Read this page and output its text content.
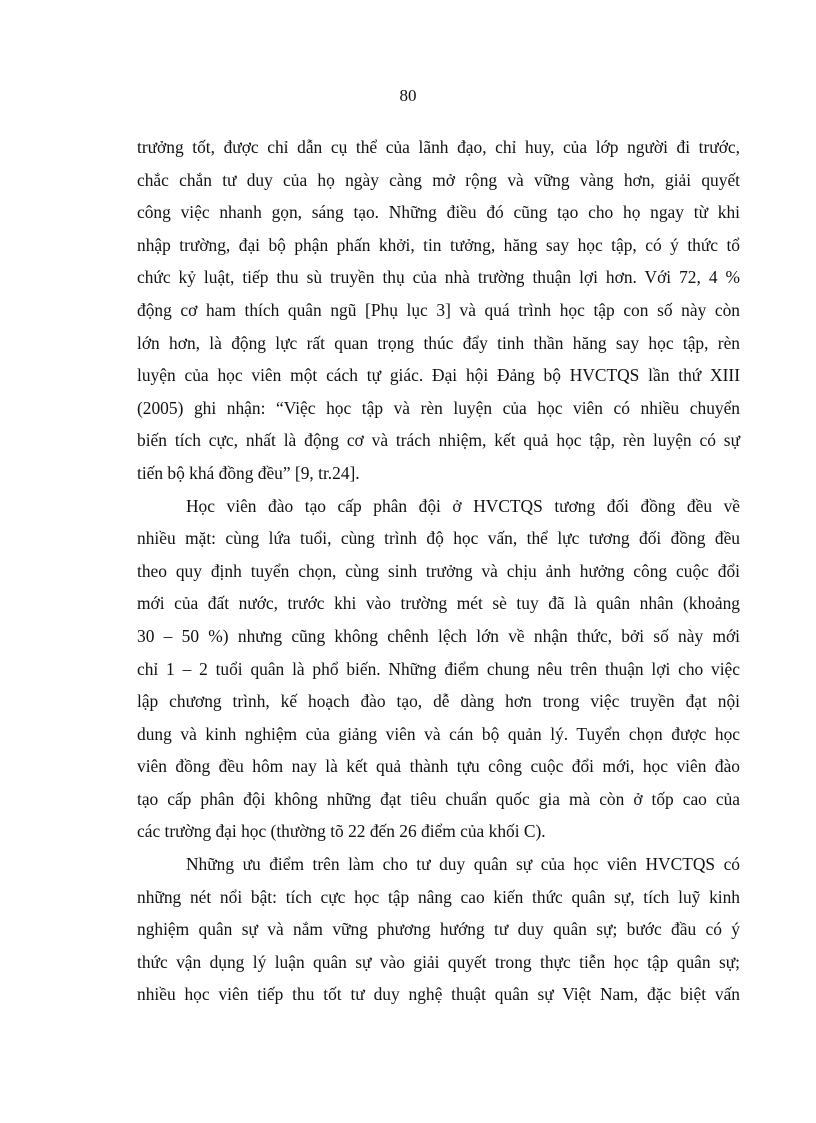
80

trưởng tốt, được chỉ dẫn cụ thể của lãnh đạo, chỉ huy, của lớp người đi trước,

chắc chắn tư duy của họ ngày càng mở rộng và vững vàng hơn, giải quyết

công việc nhanh gọn, sáng tạo. Những điều đó cũng tạo cho họ ngay từ khi

nhập trường, đại bộ phận phấn khởi, tin tưởng, hăng say học tập, có ý thức tổ

chức kỷ luật, tiếp thu sù truyền thụ của nhà trường thuận lợi hơn. Với 72, 4 %

động cơ ham thích quân ngũ [Phụ lục 3] và quá trình học tập con số này còn

lớn hơn, là động lực rất quan trọng thúc đẩy tinh thần hăng say học tập, rèn

luyện của học viên một cách tự giác. Đại hội Đảng bộ HVCTQS lần thứ XIII

(2005) ghi nhận: “Việc học tập và rèn luyện của học viên có nhiều chuyển

biến tích cực, nhất là động cơ và trách nhiệm, kết quả học tập, rèn luyện có sự

tiến bộ khá đồng đều” [9, tr.24].

Học viên đào tạo cấp phân đội ở HVCTQS tương đối đồng đều về

nhiều mặt: cùng lứa tuổi, cùng trình độ học vấn, thể lực tương đối đồng đều

theo quy định tuyển chọn, cùng sinh trưởng và chịu ảnh hưởng công cuộc đổi

mới của đất nước, trước khi vào trường mét sè tuy đã là quân nhân (khoảng

30 – 50 %) nhưng cũng không chênh lệch lớn về nhận thức, bởi số này mới

chỉ 1 – 2 tuổi quân là phổ biến. Những điểm chung nêu trên thuận lợi cho việc

lập chương trình, kế hoạch đào tạo, dễ dàng hơn trong việc truyền đạt nội

dung và kinh nghiệm của giảng viên và cán bộ quản lý. Tuyển chọn được học

viên đồng đều hôm nay là kết quả thành tựu công cuộc đổi mới, học viên đào

tạo cấp phân đội không những đạt tiêu chuẩn quốc gia mà còn ở tốp cao của

các trường đại học (thường tõ 22 đến 26 điểm của khối C).

Những ưu điểm trên làm cho tư duy quân sự của học viên HVCTQS có

những nét nổi bật: tích cực học tập nâng cao kiến thức quân sự, tích luỹ kinh

nghiệm quân sự và nắm vững phương hướng tư duy quân sự; bước đầu có ý

thức vận dụng lý luận quân sự vào giải quyết trong thực tiễn học tập quân sự;

nhiều học viên tiếp thu tốt tư duy nghệ thuật quân sự Việt Nam, đặc biệt vấn
